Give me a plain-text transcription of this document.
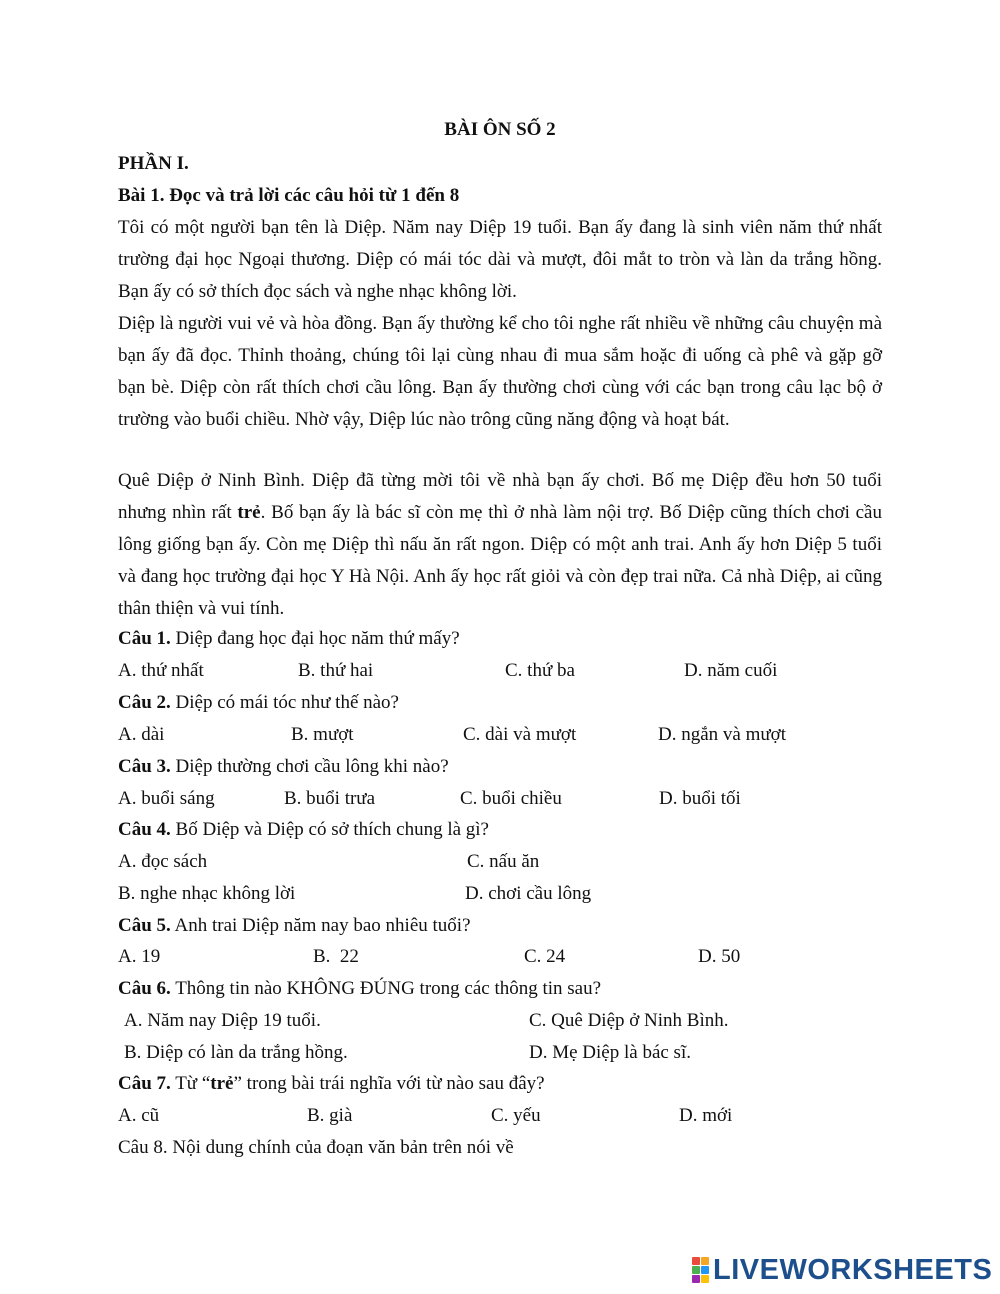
BÀI ÔN SỐ 2
PHẦN I.
Bài 1. Đọc và trả lời các câu hỏi từ 1 đến 8
Tôi có một người bạn tên là Diệp. Năm nay Diệp 19 tuổi. Bạn ấy đang là sinh viên năm thứ nhất trường đại học Ngoại thương. Diệp có mái tóc dài và mượt, đôi mắt to tròn và làn da trắng hồng. Bạn ấy có sở thích đọc sách và nghe nhạc không lời.
Diệp là người vui vẻ và hòa đồng. Bạn ấy thường kể cho tôi nghe rất nhiều về những câu chuyện mà bạn ấy đã đọc. Thỉnh thoảng, chúng tôi lại cùng nhau đi mua sắm hoặc đi uống cà phê và gặp gỡ bạn bè. Diệp còn rất thích chơi cầu lông. Bạn ấy thường chơi cùng với các bạn trong câu lạc bộ ở trường vào buổi chiều. Nhờ vậy, Diệp lúc nào trông cũng năng động và hoạt bát.
Quê Diệp ở Ninh Bình. Diệp đã từng mời tôi về nhà bạn ấy chơi. Bố mẹ Diệp đều hơn 50 tuổi nhưng nhìn rất trẻ. Bố bạn ấy là bác sĩ còn mẹ thì ở nhà làm nội trợ. Bố Diệp cũng thích chơi cầu lông giống bạn ấy. Còn mẹ Diệp thì nấu ăn rất ngon. Diệp có một anh trai. Anh ấy hơn Diệp 5 tuổi và đang học trường đại học Y Hà Nội. Anh ấy học rất giỏi và còn đẹp trai nữa. Cả nhà Diệp, ai cũng thân thiện và vui tính.
Câu 1. Diệp đang học đại học năm thứ mấy?
A. thứ nhất	B. thứ hai	C. thứ ba	D. năm cuối
Câu 2. Diệp có mái tóc như thế nào?
A. dài	B. mượt	C. dài và mượt	D. ngắn và mượt
Câu 3. Diệp thường chơi cầu lông khi nào?
A. buổi sáng	B. buổi trưa	C. buổi chiều	D. buổi tối
Câu 4. Bố Diệp và Diệp có sở thích chung là gì?
A. đọc sách	C. nấu ăn
B. nghe nhạc không lời	D. chơi cầu lông
Câu 5. Anh trai Diệp năm nay bao nhiêu tuổi?
A. 19	B.  22	C. 24	D. 50
Câu 6. Thông tin nào KHÔNG ĐÚNG trong các thông tin sau?
A. Năm nay Diệp 19 tuổi.	C. Quê Diệp ở Ninh Bình.
B. Diệp có làn da trắng hồng.	D. Mẹ Diệp là bác sĩ.
Câu 7. Từ “trẻ” trong bài trái nghĩa với từ nào sau đây?
A. cũ	B. già	C. yếu	D. mới
Câu 8. Nội dung chính của đoạn văn bản trên nói về
LIVEWORKSHEETS
